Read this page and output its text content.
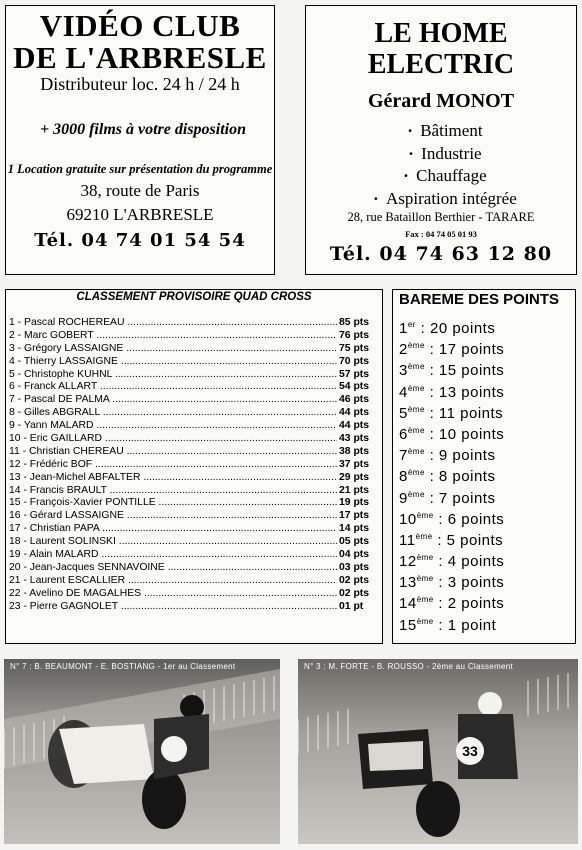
VIDÉO CLUB
DE L'ARBRESLE
Distributeur loc. 24 h / 24 h
+ 3000 films à votre disposition
1 Location gratuite sur présentation du programme
38, route de Paris
69210 L'ARBRESLE
Tél. 04 74 01 54 54
LE HOME
ELECTRIC
Gérard MONOT
· Bâtiment
· Industrie
· Chauffage
· Aspiration intégrée
28, rue Bataillon Berthier - TARARE
Fax : 04 74 05 01 93
Tél. 04 74 63 12 80
CLASSEMENT PROVISOIRE QUAD CROSS
1 - Pascal ROCHEREAU .....	85 pts

2 - Marc GOBERT .....	76 pts

3 - Grégory LASSAIGNE .....	75 pts

4 - Thierry LASSAIGNE .....	70 pts

5 - Christophe KUHNL .....	57 pts

6 - Franck ALLART .....	54 pts

7 - Pascal DE PALMA .....	46 pts

8 - Gilles ABGRALL .....	44 pts

9 - Yann MALARD .....	44 pts

10 - Eric GAILLARD .....	43 pts

11 - Christian CHEREAU .....	38 pts

12 - Frédéric BOF .....	37 pts

13 - Jean-Michel ABFALTER .....	29 pts

14 - Francis BRAULT .....	21 pts

15 - François-Xavier PONTILLE .....	19 pts

16 - Gérard LASSAIGNE .....	17 pts

17 - Christian PAPA .....	14 pts

18 - Laurent SOLINSKI .....	05 pts

19 - Alain MALARD .....	04 pts

20 - Jean-Jacques SENNAVOINE .....	03 pts

21 - Laurent ESCALLIER .....	02 pts

22 - Avelino DE MAGALHES .....	02 pts

23 - Pierre GAGNOLET .....	01 pt
BAREME DES POINTS
1er : 20 points
2ème : 17 points
3ème : 15 points
4ème : 13 points
5ème : 11 points
6ème : 10 points
7ème : 9 points
8ème : 8 points
9ème : 7 points
10ème : 6 points
11ème : 5 points
12ème : 4 points
13ème : 3 points
14ème : 2 points
15ème : 1 point
N° 7 : B. BEAUMONT - E. BOSTIANG - 1er au Classement
33
N° 3 : M. FORTE - B. ROUSSO - 2ème au Classement
